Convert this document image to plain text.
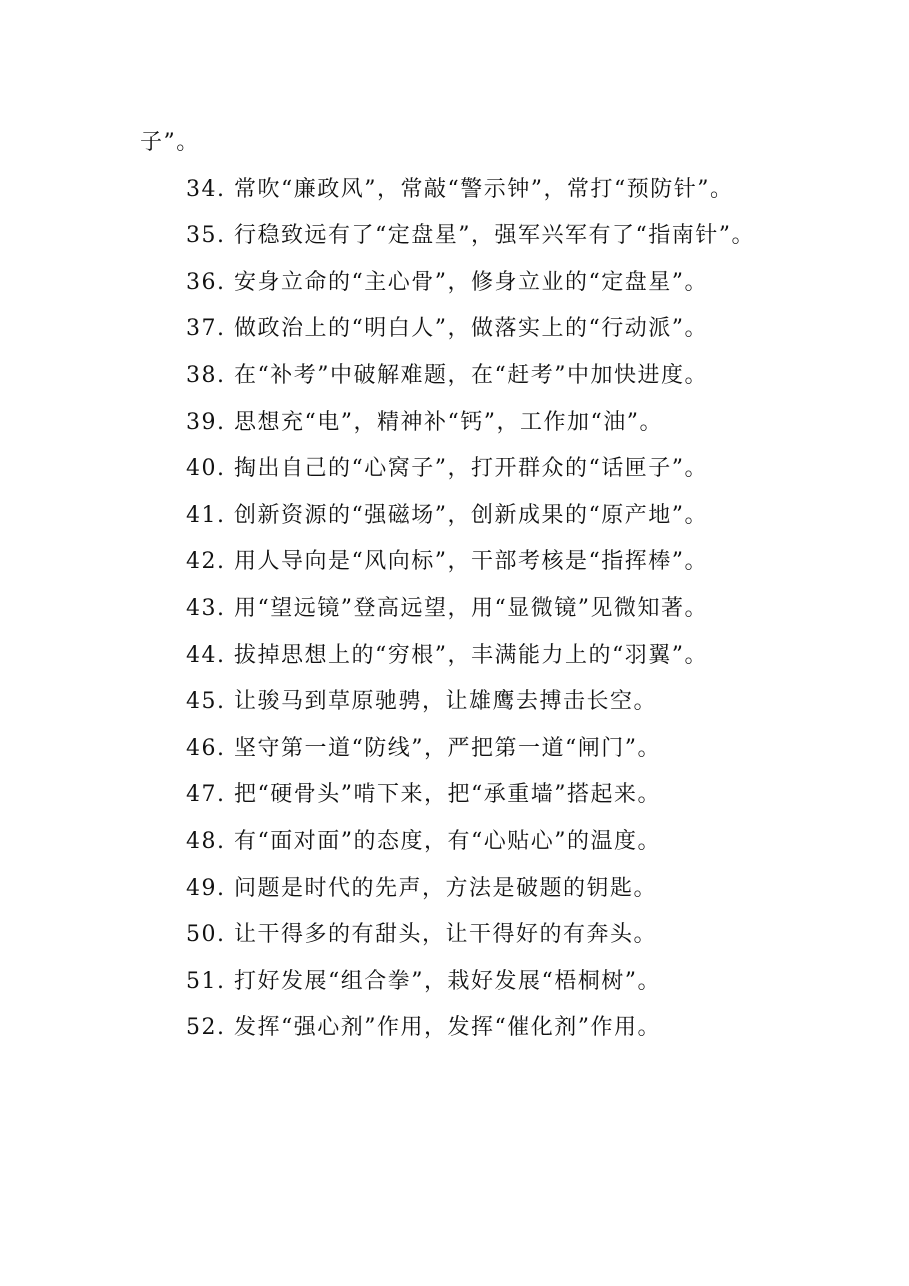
子”。

34. 常吹“廉政风”，常敲“警示钟”，常打“预防针”。

35. 行稳致远有了“定盘星”，强军兴军有了“指南针”。

36. 安身立命的“主心骨”，修身立业的“定盘星”。

37. 做政治上的“明白人”，做落实上的“行动派”。

38. 在“补考”中破解难题，在“赶考”中加快进度。

39. 思想充“电”，精神补“钙”，工作加“油”。

40. 掏出自己的“心窝子”，打开群众的“话匣子”。

41. 创新资源的“强磁场”，创新成果的“原产地”。

42. 用人导向是“风向标”，干部考核是“指挥棒”。

43. 用“望远镜”登高远望，用“显微镜”见微知著。

44. 拔掉思想上的“穷根”，丰满能力上的“羽翼”。

45. 让骏马到草原驰骋，让雄鹰去搏击长空。

46. 坚守第一道“防线”，严把第一道“闸门”。

47. 把“硬骨头”啃下来，把“承重墙”搭起来。

48. 有“面对面”的态度，有“心贴心”的温度。

49. 问题是时代的先声，方法是破题的钥匙。

50. 让干得多的有甜头，让干得好的有奔头。

51. 打好发展“组合拳”，栽好发展“梧桐树”。

52. 发挥“强心剂”作用，发挥“催化剂”作用。
